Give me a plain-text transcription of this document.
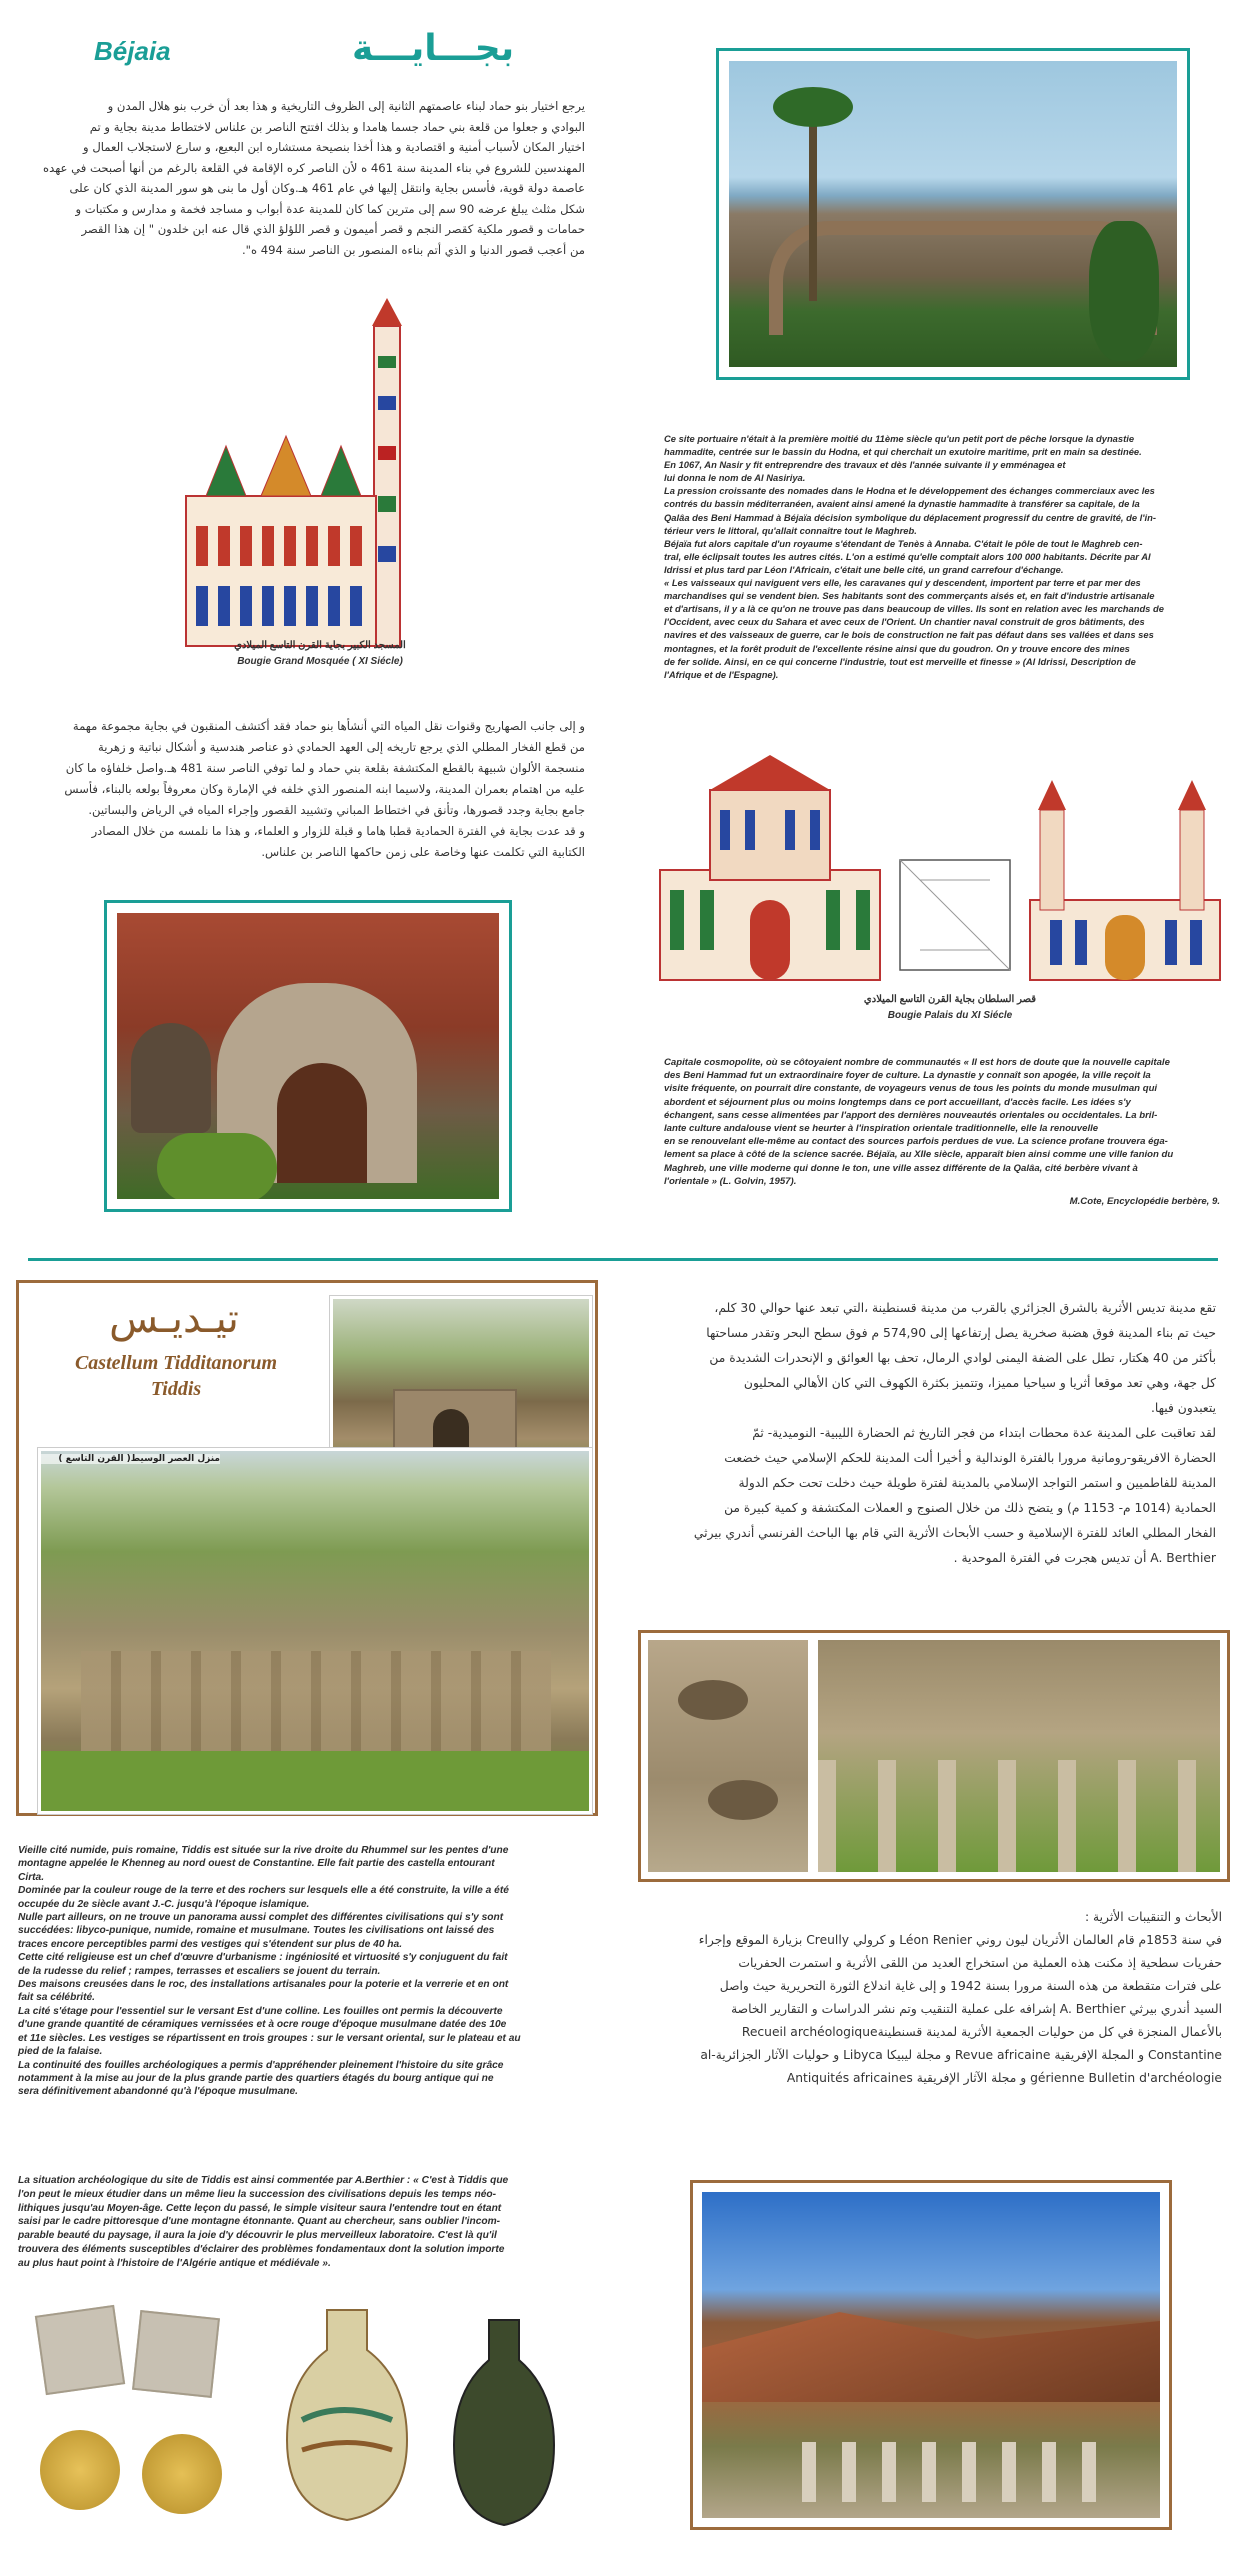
Béjaia	بجـــايـــة
يرجع اختيار بنو حماد لبناء عاصمتهم الثانية إلى الظروف التاريخية و هذا بعد أن خرب بنو هلال المدن و
البوادي و جعلوا من قلعة بني حماد جسما هامدا و بذلك افتتح الناصر بن علناس لاختطاط مدينة بجاية و تم
اختيار المكان لأسباب أمنية و اقتصادية و هذا أخذا بنصيحة مستشاره ابن البعيع، و سارع لاستجلاب العمال و
المهندسين للشروع في بناء المدينة سنة 461 ه لأن الناصر كره الإقامة في القلعة بالرغم من أنها أصبحت في عهده
عاصمة دولة قوية، فأسس بجاية وانتقل إليها في عام 461 هـ.وكان أول ما بنى هو سور المدينة الذي كان على
شكل مثلث يبلغ عرضه 90 سم إلى مترين كما كان للمدينة عدة أبواب و مساجد فخمة و مدارس و مكتبات و
حمامات و قصور ملكية كقصر النجم و قصر أميمون و قصر اللؤلؤ الذي قال عنه ابن خلدون " إن هذا القصر
من أعجب قصور الدنيا و الذي أتم بناءه المنصور بن الناصر سنة 494 ه".
المسجد الكبير بجاية القرن التاسع الميلادي
Bougie Grand Mosquée ( XI Siécle)
Ce site portuaire n'était à la première moitié du 11ème siècle qu'un petit port de pêche lorsque la dynastie
hammadite, centrée sur le bassin du Hodna, et qui cherchait un exutoire maritime, prit en main sa destinée.
En 1067, An Nasir y fit entreprendre des travaux et dès l'année suivante il y emménagea et
lui donna le nom de Al Nasiriya.
La pression croissante des nomades dans le Hodna et le développement des échanges commerciaux avec les
contrés du bassin méditerranéen, avaient ainsi amené la dynastie hammadite à transférer sa capitale, de la
Qalâa des Beni Hammad à Béjaïa décision symbolique du déplacement progressif du centre de gravité, de l'in-
térieur vers le littoral, qu'allait connaître tout le Maghreb.
Béjaïa fut alors capitale d'un royaume s'étendant de Tenès à Annaba. C'était le pôle de tout le Maghreb cen-
tral, elle éclipsait toutes les autres cités. L'on a estimé qu'elle comptait alors 100 000 habitants. Décrite par Al
Idrissi et plus tard par Léon l'Africain, c'était une belle cité, un grand carrefour d'échange.
« Les vaisseaux qui naviguent vers elle, les caravanes qui y descendent, importent par terre et par mer des
marchandises qui se vendent bien. Ses habitants sont des commerçants aisés et, en fait d'industrie artisanale
et d'artisans, il y a là ce qu'on ne trouve pas dans beaucoup de villes. Ils sont en relation avec les marchands de
l'Occident, avec ceux du Sahara et avec ceux de l'Orient. Un chantier naval construit de gros bâtiments, des
navires et des vaisseaux de guerre, car le bois de construction ne fait pas défaut dans ses vallées et dans ses
montagnes, et la forêt produit de l'excellente résine ainsi que du goudron. On y trouve encore des mines
de fer solide. Ainsi, en ce qui concerne l'industrie, tout est merveille et finesse » (Al Idrissi, Description de
l'Afrique et de l'Espagne).
و إلى جانب الصهاريج وقنوات نقل المياه التي أنشأها بنو حماد فقد أكتشف المنقبون في بجاية مجموعة مهمة
من قطع الفخار المطلي الذي يرجع تاريخه إلى العهد الحمادي ذو عناصر هندسية و أشكال نباتية و زهرية
منسجمة الألوان شبيهة بالقطع المكتشفة بقلعة بني حماد و لما توفي الناصر سنة 481 هـ.واصل خلفاؤه ما كان
عليه من اهتمام بعمران المدينة، ولاسيما ابنه المنصور الذي خلفه في الإمارة وكان معروفاً بولعه بالبناء، فأسس
جامع بجاية وجدد قصورها، وتأنق في اختطاط المباني وتشييد القصور وإجراء المياه في الرياض والبساتين.
و قد عدت بجاية في الفترة الحمادية قطبا هاما و قبلة للزوار و العلماء، و هذا ما نلمسه من خلال المصادر
الكتابية التي تكلمت عنها وخاصة على زمن حاكمها الناصر بن علناس.
قصر السلطان بجاية القرن التاسع الميلادي
Bougie Palais du XI Siécle
Capitale cosmopolite, où se côtoyaient nombre de communautés « Il est hors de doute que la nouvelle capitale
des Beni Hammad fut un extraordinaire foyer de culture. La dynastie y connaît son apogée, la ville reçoit la
visite fréquente, on pourrait dire constante, de voyageurs venus de tous les points du monde musulman qui
abordent et séjournent plus ou moins longtemps dans ce port accueillant, d'accès facile. Les idées s'y
échangent, sans cesse alimentées par l'apport des dernières nouveautés orientales ou occidentales. La bril-
lante culture andalouse vient se heurter à l'inspiration orientale traditionnelle, elle la renouvelle
en se renouvelant elle-même au contact des sources parfois perdues de vue. La science profane trouvera éga-
lement sa place à côté de la science sacrée. Béjaïa, au XIIe siècle, apparaît bien ainsi comme une ville fanion du
Maghreb, une ville moderne qui donne le ton, une ville assez différente de la Qalâa, cité berbère vivant à
l'orientale » (L. Golvin, 1957).
M.Cote, Encyclopédie berbère, 9.
تيـديـس
Castellum Tidditanorum
Tiddis
منزل العصر الوسيط( القرن التاسع )
تقع مدينة تديس الأثرية بالشرق الجزائري بالقرب من مدينة قسنطينة ،التي تبعد عنها حوالي 30 كلم،
حيث تم بناء المدينة فوق هضبة صخرية يصل إرتفاعها إلى 574,90 م فوق سطح البحر وتقدر مساحتها
بأكثر من 40 هكتار، تطل على الضفة اليمنى لوادي الرمال، تحف بها العوائق و الإنحدرات الشديدة من
كل جهة، وهي تعد موقعا أثريا و سياحيا مميزا، وتتميز بكثرة الكهوف التي كان الأهالي المحليون
يتعبدون فيها.
لقد تعاقبت على المدينة عدة محطات ابتداء من فجر التاريخ ثم الحضارة الليبية- النوميدية- ثمّ
الحضارة الافريقو-رومانية مرورا بالفترة الوندالية و أخيرا ألت المدينة للحكم الإسلامي حيث خضعت
المدينة للفاطميين و استمر التواجد الإسلامي بالمدينة لفترة طويلة حيث دخلت تحت حكم الدولة
الحمادية (1014 م- 1153 م) و يتضح ذلك من خلال الصنوج و العملات المكتشفة و كمية كبيرة من
الفخار المطلي العائد للفترة الإسلامية و حسب الأبحاث الأثرية التي قام بها الباحث الفرنسي أندري بيرثي
A. Berthier أن تديس هجرت في الفترة الموحدية .
Vieille cité numide, puis romaine, Tiddis est située sur la rive droite du Rhummel sur les pentes d'une
montagne appelée le Khenneg au nord ouest de Constantine. Elle fait partie des castella entourant
Cirta.
Dominée par la couleur rouge de la terre et des rochers sur lesquels elle a été construite, la ville a été
occupée du 2e siècle avant J.-C. jusqu'à l'époque islamique.
Nulle part ailleurs, on ne trouve un panorama aussi complet des différentes civilisations qui s'y sont
succédées: libyco-punique, numide, romaine et musulmane. Toutes les civilisations ont laissé des
traces encore perceptibles parmi des vestiges qui s'étendent sur plus de 40 ha.
Cette cité religieuse est un chef d'œuvre d'urbanisme : ingéniosité et virtuosité s'y conjuguent du fait
de la rudesse du relief ; rampes, terrasses et escaliers se jouent du terrain.
Des maisons creusées dans le roc, des installations artisanales pour la poterie et la verrerie et en ont
fait sa célébrité.
La cité s'étage pour l'essentiel sur le versant Est d'une colline. Les fouilles ont permis la découverte
d'une grande quantité de céramiques vernissées et à ocre rouge d'époque musulmane datée des 10e
et 11e siècles. Les vestiges se répartissent en trois groupes : sur le versant oriental, sur le plateau et au
pied de la falaise.
La continuité des fouilles archéologiques a permis d'appréhender pleinement l'histoire du site grâce
notamment à la mise au jour de la plus grande partie des quartiers étagés du bourg antique qui ne
sera définitivement abandonné qu'à l'époque musulmane.
الأبحاث و التنقيبات الأثرية :
في سنة 1853م قام العالمان الأثريان ليون روني Léon Renier و كرولي Creully بزيارة الموقع وإجراء
حفريات سطحية إذ مكنت هذه العملية من استخراج العديد من اللقى الأثرية و استمرت الحفريات
على فترات متقطعة من هذه السنة مرورا بسنة 1942 و إلى غاية اندلاع الثورة التحريرية حيث واصل
السيد أندري بيرثي A. Berthier إشرافه على عملية التنقيب وتم نشر الدراسات و التقارير الخاصة
بالأعمال المنجزة في كل من حوليات الجمعية الأثرية لمدينة قسنطينةRecueil archéologique
Constantine و المجلة الإفريقية Revue africaine و مجلة ليبيكا Libyca و حوليات الآثار الجزائرية-al
gérienne Bulletin d'archéologie و مجلة الآثار الإفريقية Antiquités africaines
La situation archéologique du site de Tiddis est ainsi commentée par A.Berthier : « C'est à Tiddis que
l'on peut le mieux étudier dans un même lieu la succession des civilisations depuis les temps néo-
lithiques jusqu'au Moyen-âge. Cette leçon du passé, le simple visiteur saura l'entendre tout en étant
saisi par le cadre pittoresque d'une montagne étonnante. Quant au chercheur, sans oublier l'incom-
parable beauté du paysage, il aura la joie d'y découvrir le plus merveilleux laboratoire. C'est là qu'il
trouvera des éléments susceptibles d'éclairer des problèmes fondamentaux dont la solution importe
au plus haut point à l'histoire de l'Algérie antique et médiévale ».
